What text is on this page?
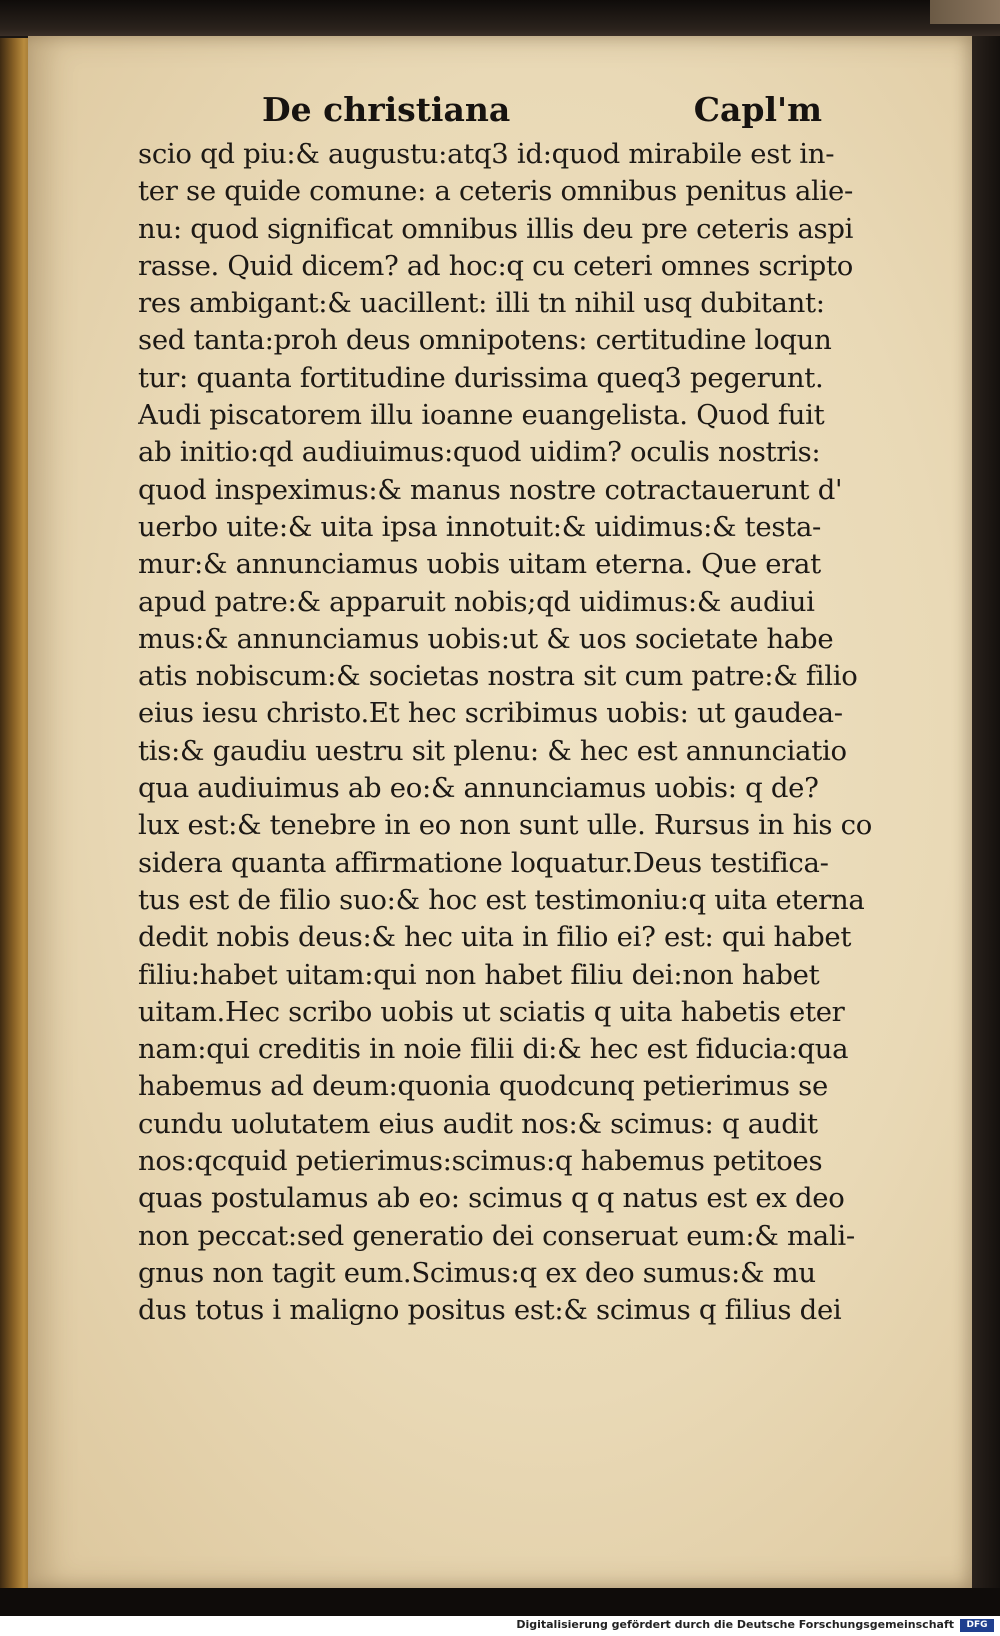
De christiana	Capl'm
scio qd piu:& augustu:atq3 id:quod mirabile est in-
ter se quide comune: a ceteris omnibus penitus alie-
nu: quod significat omnibus illis deu pre ceteris aspi
rasse. Quid dicem? ad hoc:q cu ceteri omnes scripto
res ambigant:& uacillent: illi tn nihil usq dubitant:
sed tanta:proh deus omnipotens: certitudine loqun
tur: quanta fortitudine durissima queq3 pegerunt.
Audi piscatorem illu ioanne euangelista. Quod fuit
ab initio:qd audiuimus:quod uidim? oculis nostris:
quod inspeximus:& manus nostre cotractauerunt d'
uerbo uite:& uita ipsa innotuit:& uidimus:& testa-
mur:& annunciamus uobis uitam eterna. Que erat
apud patre:& apparuit nobis;qd uidimus:& audiui
mus:& annunciamus uobis:ut & uos societate habe
atis nobiscum:& societas nostra sit cum patre:& filio
eius iesu christo.Et hec scribimus uobis: ut gaudea-
tis:& gaudiu uestru sit plenu: & hec est annunciatio
qua audiuimus ab eo:& annunciamus uobis: q de?
lux est:& tenebre in eo non sunt ulle. Rursus in his co
sidera quanta affirmatione loquatur.Deus testifica-
tus est de filio suo:& hoc est testimoniu:q uita eterna
dedit nobis deus:& hec uita in filio ei? est: qui habet
filiu:habet uitam:qui non habet filiu dei:non habet
uitam.Hec scribo uobis ut sciatis q uita habetis eter
nam:qui creditis in noie filii di:& hec est fiducia:qua
habemus ad deum:quonia quodcunq petierimus se
cundu uolutatem eius audit nos:& scimus: q audit
nos:qcquid petierimus:scimus:q habemus petitoes
quas postulamus ab eo: scimus q q natus est ex deo
non peccat:sed generatio dei conseruat eum:& mali-
gnus non tagit eum.Scimus:q ex deo sumus:& mu
dus totus i maligno positus est:& scimus q filius dei
Digitalisierung gefördert durch die Deutsche Forschungsgemeinschaft	DFG
